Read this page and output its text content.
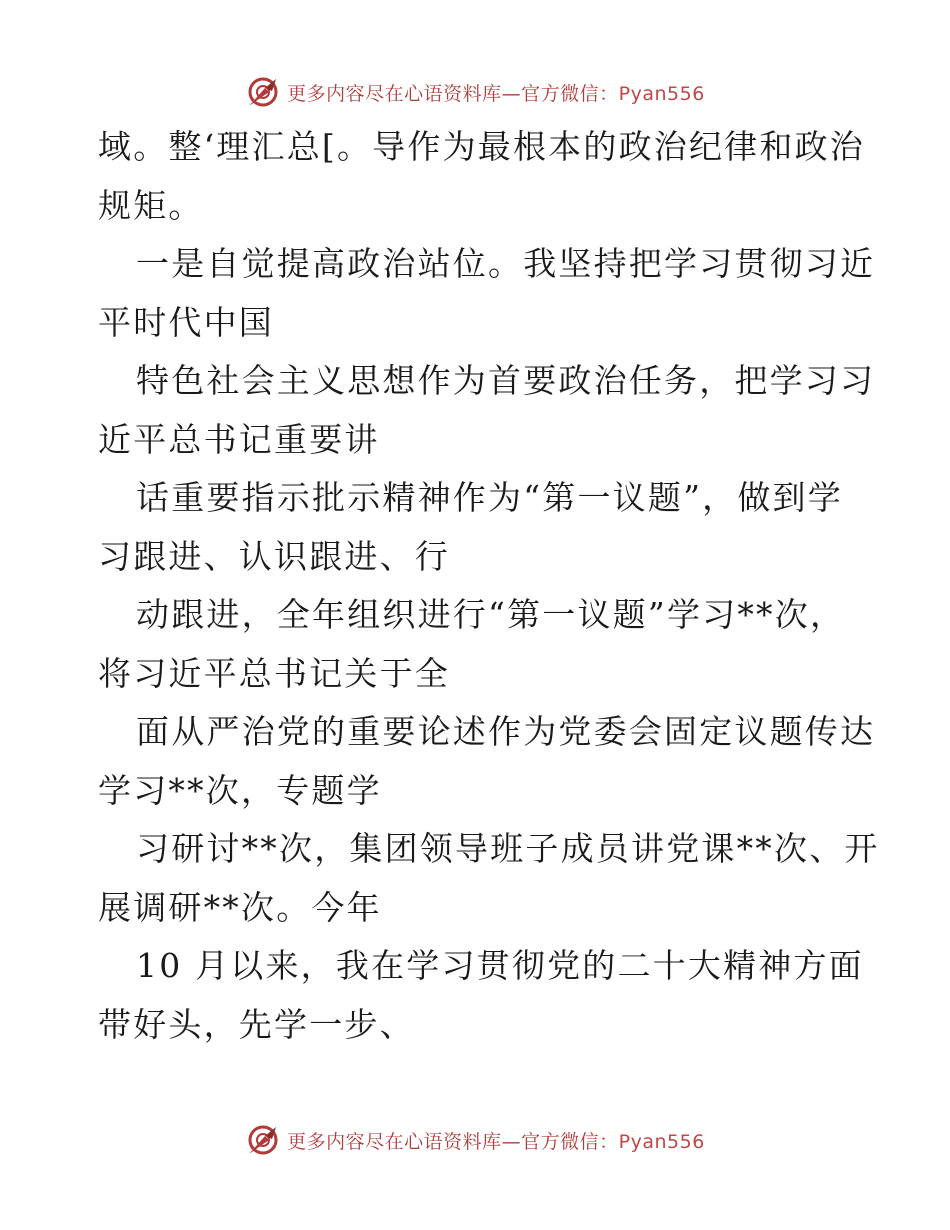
更多内容尽在心语资料库—官方微信：Pyan556
域。整‘理汇总[。导作为最根本的政治纪律和政治
规矩。
一是自觉提高政治站位。我坚持把学习贯彻习近
平时代中国
特色社会主义思想作为首要政治任务，把学习习
近平总书记重要讲
话重要指示批示精神作为“第一议题”，做到学
习跟进、认识跟进、行
动跟进，全年组织进行“第一议题”学习**次，
将习近平总书记关于全
面从严治党的重要论述作为党委会固定议题传达
学习**次，专题学
习研讨**次，集团领导班子成员讲党课**次、开
展调研**次。今年
10 月以来，我在学习贯彻党的二十大精神方面
带好头，先学一步、
更多内容尽在心语资料库—官方微信：Pyan556
